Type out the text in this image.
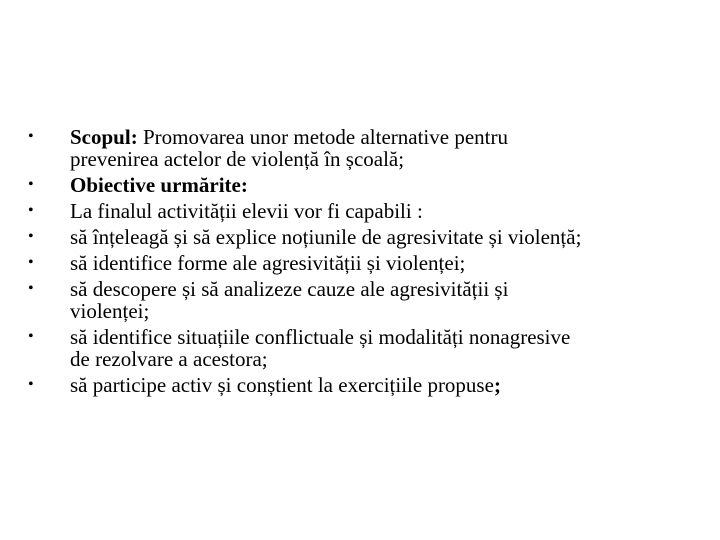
•	Scopul: Promovarea unor metode alternative pentru
prevenirea actelor de violență în școală;
•	Obiective urmărite:
•	La finalul activității elevii vor fi capabili :
•	să înțeleagă și să explice noțiunile de agresivitate și violență;
•	să identifice forme ale agresivității și violenței;
•	să descopere și să analizeze cauze ale agresivității și
violenței;
•	să identifice situațiile conflictuale și modalități nonagresive
de rezolvare a acestora;
•	să participe activ și conștient la exercițiile propuse;
